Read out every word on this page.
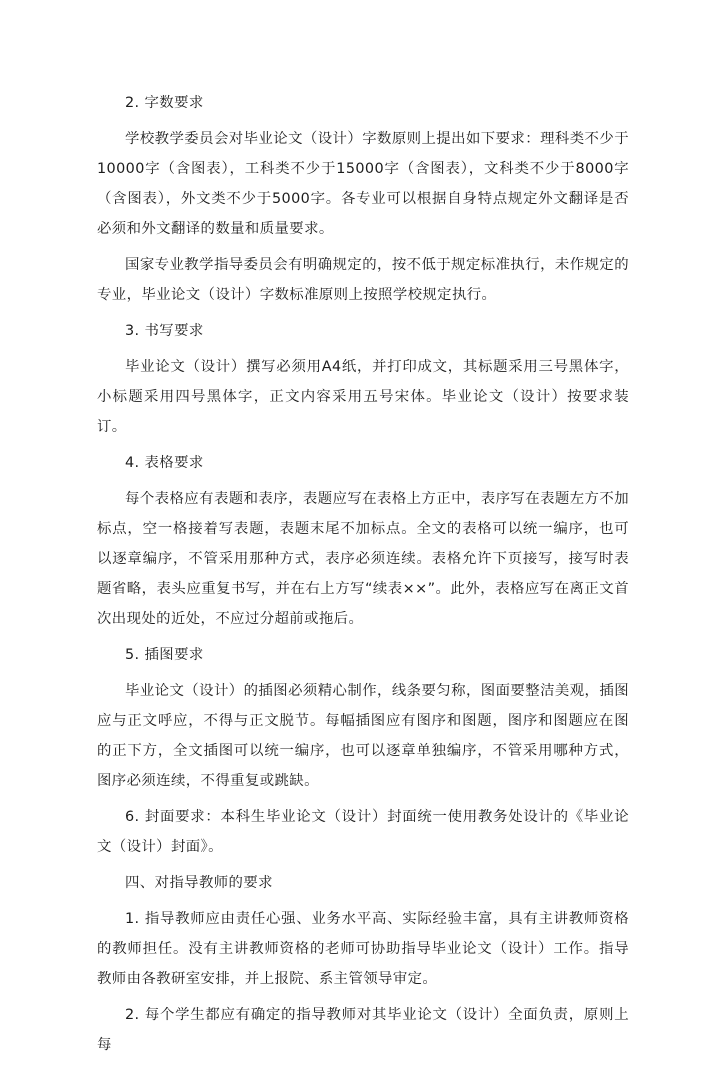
2. 字数要求

学校教学委员会对毕业论文（设计）字数原则上提出如下要求：理科类不少于10000字（含图表），工科类不少于15000字（含图表），文科类不少于8000字（含图表），外文类不少于5000字。各专业可以根据自身特点规定外文翻译是否必须和外文翻译的数量和质量要求。

国家专业教学指导委员会有明确规定的，按不低于规定标准执行，未作规定的专业，毕业论文（设计）字数标准原则上按照学校规定执行。

3. 书写要求

毕业论文（设计）撰写必须用A4纸，并打印成文，其标题采用三号黑体字，小标题采用四号黑体字，正文内容采用五号宋体。毕业论文（设计）按要求装订。

4. 表格要求

每个表格应有表题和表序，表题应写在表格上方正中，表序写在表题左方不加标点，空一格接着写表题，表题末尾不加标点。全文的表格可以统一编序，也可以逐章编序，不管采用那种方式，表序必须连续。表格允许下页接写，接写时表题省略，表头应重复书写，并在右上方写“续表××”。此外，表格应写在离正文首次出现处的近处，不应过分超前或拖后。

5. 插图要求

毕业论文（设计）的插图必须精心制作，线条要匀称，图面要整洁美观，插图应与正文呼应，不得与正文脱节。每幅插图应有图序和图题，图序和图题应在图的正下方，全文插图可以统一编序，也可以逐章单独编序，不管采用哪种方式，图序必须连续，不得重复或跳缺。

6. 封面要求：本科生毕业论文（设计）封面统一使用教务处设计的《毕业论文（设计）封面》。

四、对指导教师的要求

1. 指导教师应由责任心强、业务水平高、实际经验丰富，具有主讲教师资格的教师担任。没有主讲教师资格的老师可协助指导毕业论文（设计）工作。指导教师由各教研室安排，并上报院、系主管领导审定。

2. 每个学生都应有确定的指导教师对其毕业论文（设计）全面负责，原则上每
